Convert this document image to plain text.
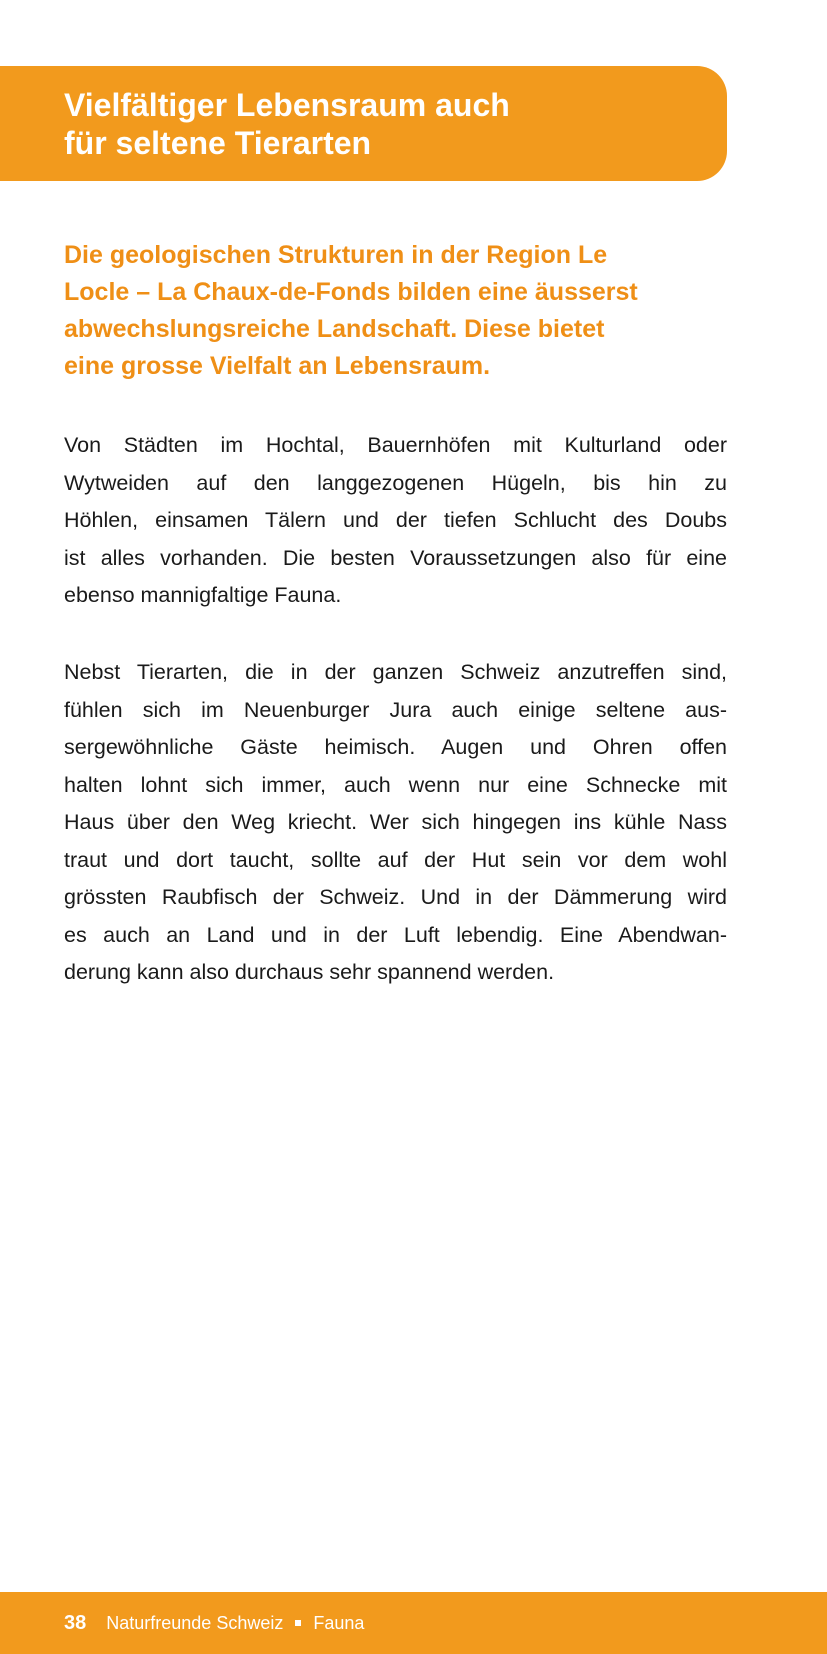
Vielfältiger Lebensraum auch
für seltene Tierarten
Die geologischen Strukturen in der Region Le
Locle – La Chaux-de-Fonds bilden eine äusserst
abwechslungsreiche Landschaft. Diese bietet
eine grosse Vielfalt an Lebensraum.
Von Städten im Hochtal, Bauernhöfen mit Kulturland oder
Wytweiden auf den langgezogenen Hügeln, bis hin zu
Höhlen, einsamen Tälern und der tiefen Schlucht des Doubs
ist alles vorhanden. Die besten Voraussetzungen also für eine
ebenso mannigfaltige Fauna.
Nebst Tierarten, die in der ganzen Schweiz anzutreffen sind,
fühlen sich im Neuenburger Jura auch einige seltene aus-
sergewöhnliche Gäste heimisch. Augen und Ohren offen
halten lohnt sich immer, auch wenn nur eine Schnecke mit
Haus über den Weg kriecht. Wer sich hingegen ins kühle Nass
traut und dort taucht, sollte auf der Hut sein vor dem wohl
grössten Raubfisch der Schweiz. Und in der Dämmerung wird
es auch an Land und in der Luft lebendig. Eine Abendwan-
derung kann also durchaus sehr spannend werden.
38 Naturfreunde Schweiz Fauna
